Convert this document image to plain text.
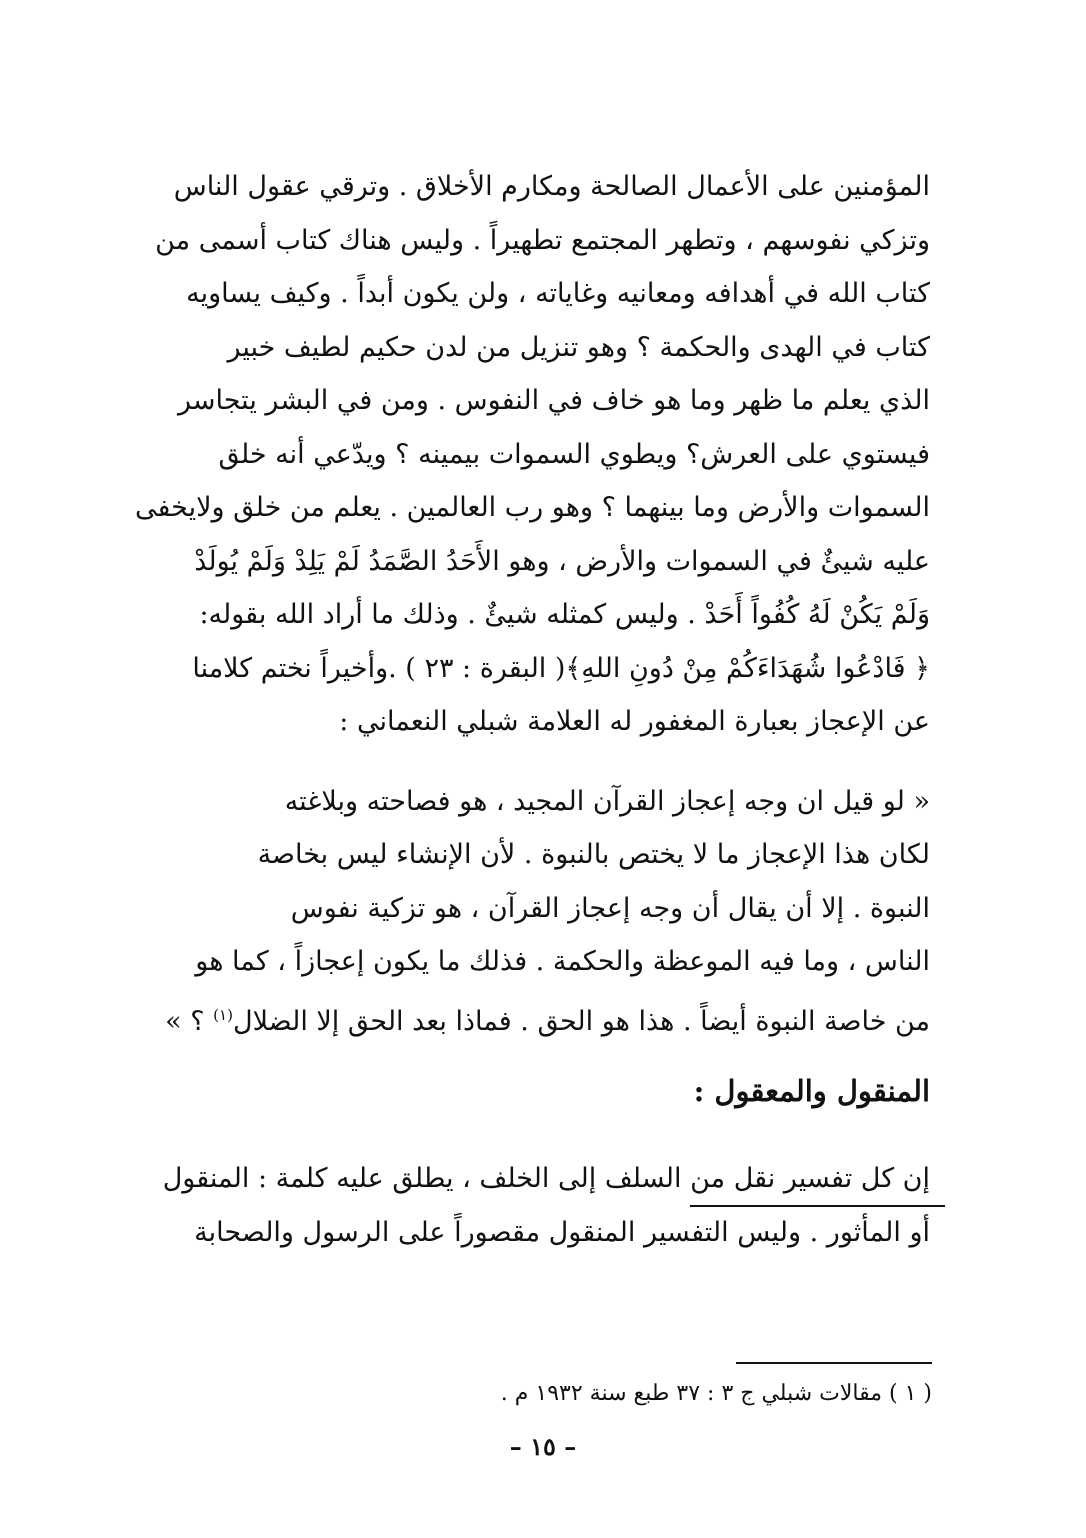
المؤمنين على الأعمال الصالحة ومكارم الأخلاق . وترقي عقول الناس
وتزكي نفوسهم ، وتطهر المجتمع تطهيراً . وليس هناك كتاب أسمى من
كتاب الله في أهدافه ومعانيه وغاياته ، ولن يكون أبداً . وكيف يساويه
كتاب في الهدى والحكمة ؟ وهو تنزيل من لدن حكيم لطيف خبير
الذي يعلم ما ظهر وما هو خاف في النفوس . ومن في البشر يتجاسر
فيستوي على العرش؟ ويطوي السموات بيمينه ؟ ويدّعي أنه خلق
السموات والأرض وما بينهما ؟ وهو رب العالمين . يعلم من خلق ولايخفى
عليه شيئٌ في السموات والأرض ، وهو الأَحَدُ الصَّمَدُ لَمْ يَلِدْ وَلَمْ يُولَدْ
وَلَمْ يَكُنْ لَهُ كُفُواً أَحَدْ . وليس كمثله شيئٌ . وذلك ما أراد الله بقوله:
﴿ فَادْعُوا شُهَدَاءَكُمْ مِنْ دُونِ اللهِ﴾( البقرة : ٢٣ ) .وأخيراً نختم كلامنا
عن الإعجاز بعبارة المغفور له العلامة شبلي النعماني :

« لو قيل ان وجه إعجاز القرآن المجيد ، هو فصاحته وبلاغته
لكان هذا الإعجاز ما لا يختص بالنبوة . لأن الإنشاء ليس بخاصة
النبوة . إلا أن يقال أن وجه إعجاز القرآن ، هو تزكية نفوس
الناس ، وما فيه الموعظة والحكمة . فذلك ما يكون إعجازاً ، كما هو
من خاصة النبوة أيضاً . هذا هو الحق . فماذا بعد الحق إلا الضلال$^{(١)}$ ؟ »

المنقول والمعقول :

إن كل تفسير نقل من السلف إلى الخلف ، يطلق عليه كلمة : المنقول
أو المأثور . وليس التفسير المنقول مقصوراً على الرسول والصحابة

( ١ ) مقالات شبلي ج ٣ : ٣٧ طبع سنة ١٩٣٢ م .
– ١٥ –
